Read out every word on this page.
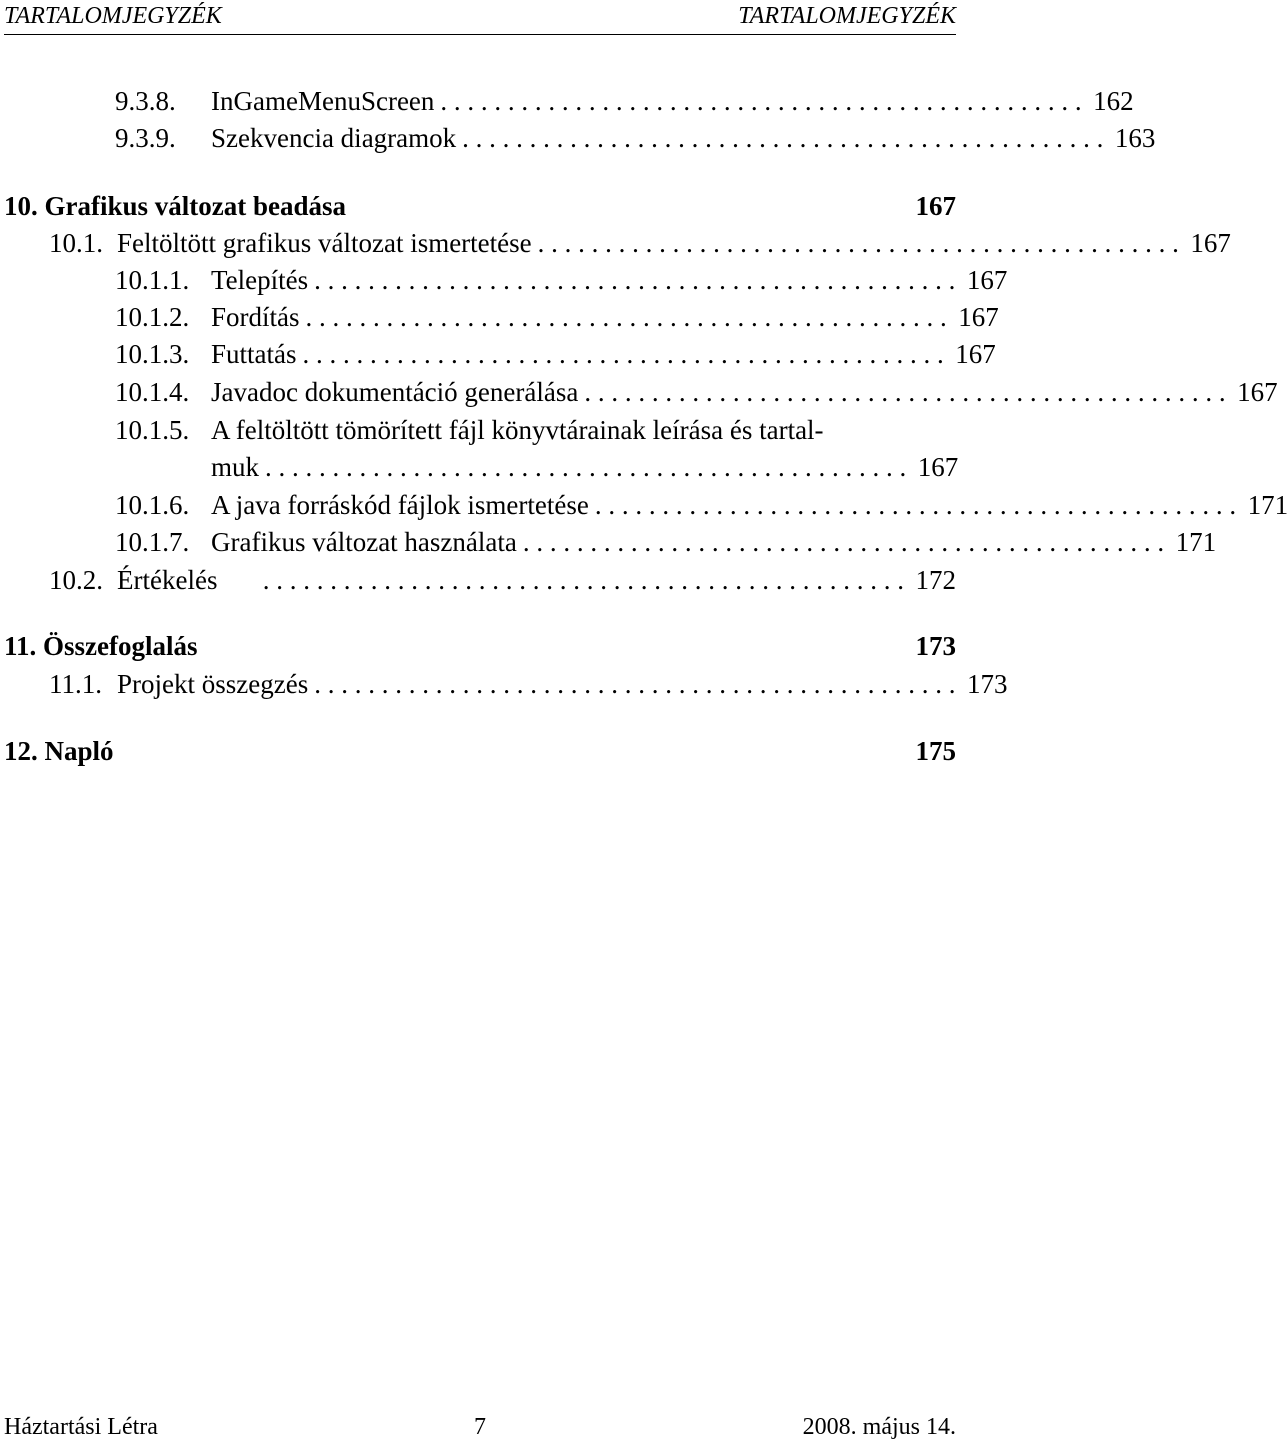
TARTALOMJEGYZÉK	TARTALOMJEGYZÉK
9.3.8. InGameMenuScreen . . . . . . . . . . . . . . . . . . . . . . . . . . . . . . . . . . . . . . . . . . . . . . . . 162
9.3.9. Szekvencia diagramok . . . . . . . . . . . . . . . . . . . . . . . . . . . . . . . . . . . . . . . . . . . . . . . . 163
10. Grafikus változat beadása	167
10.1. Feltöltött grafikus változat ismertetése . . . . . . . . . . . . . . . . . . . . . . . . . . . . . . . . . . . . . . . . . . . . . . . . 167
10.1.1. Telepítés . . . . . . . . . . . . . . . . . . . . . . . . . . . . . . . . . . . . . . . . . . . . . . . . 167
10.1.2. Fordítás . . . . . . . . . . . . . . . . . . . . . . . . . . . . . . . . . . . . . . . . . . . . . . . . 167
10.1.3. Futtatás . . . . . . . . . . . . . . . . . . . . . . . . . . . . . . . . . . . . . . . . . . . . . . . . 167
10.1.4. Javadoc dokumentáció generálása . . . . . . . . . . . . . . . . . . . . . . . . . . . . . . . . . . . . . . . . . . . . . . . . 167
10.1.5. A feltöltött tömörített fájl könyvtárainak leírása és tartal-
muk . . . . . . . . . . . . . . . . . . . . . . . . . . . . . . . . . . . . . . . . . . . . . . . . 167
10.1.6. A java forráskód fájlok ismertetése . . . . . . . . . . . . . . . . . . . . . . . . . . . . . . . . . . . . . . . . . . . . . . . . 171
10.1.7. Grafikus változat használata . . . . . . . . . . . . . . . . . . . . . . . . . . . . . . . . . . . . . . . . . . . . . . . . 171
10.2. Értékelés	. . . . . . . . . . . . . . . . . . . . . . . . . . . . . . . . . . . . . . . . . . . . . . . . 172
11. Összefoglalás	173
11.1. Projekt összegzés . . . . . . . . . . . . . . . . . . . . . . . . . . . . . . . . . . . . . . . . . . . . . . . . 173
12. Napló	175
Háztartási Létra	7	2008. május 14.
